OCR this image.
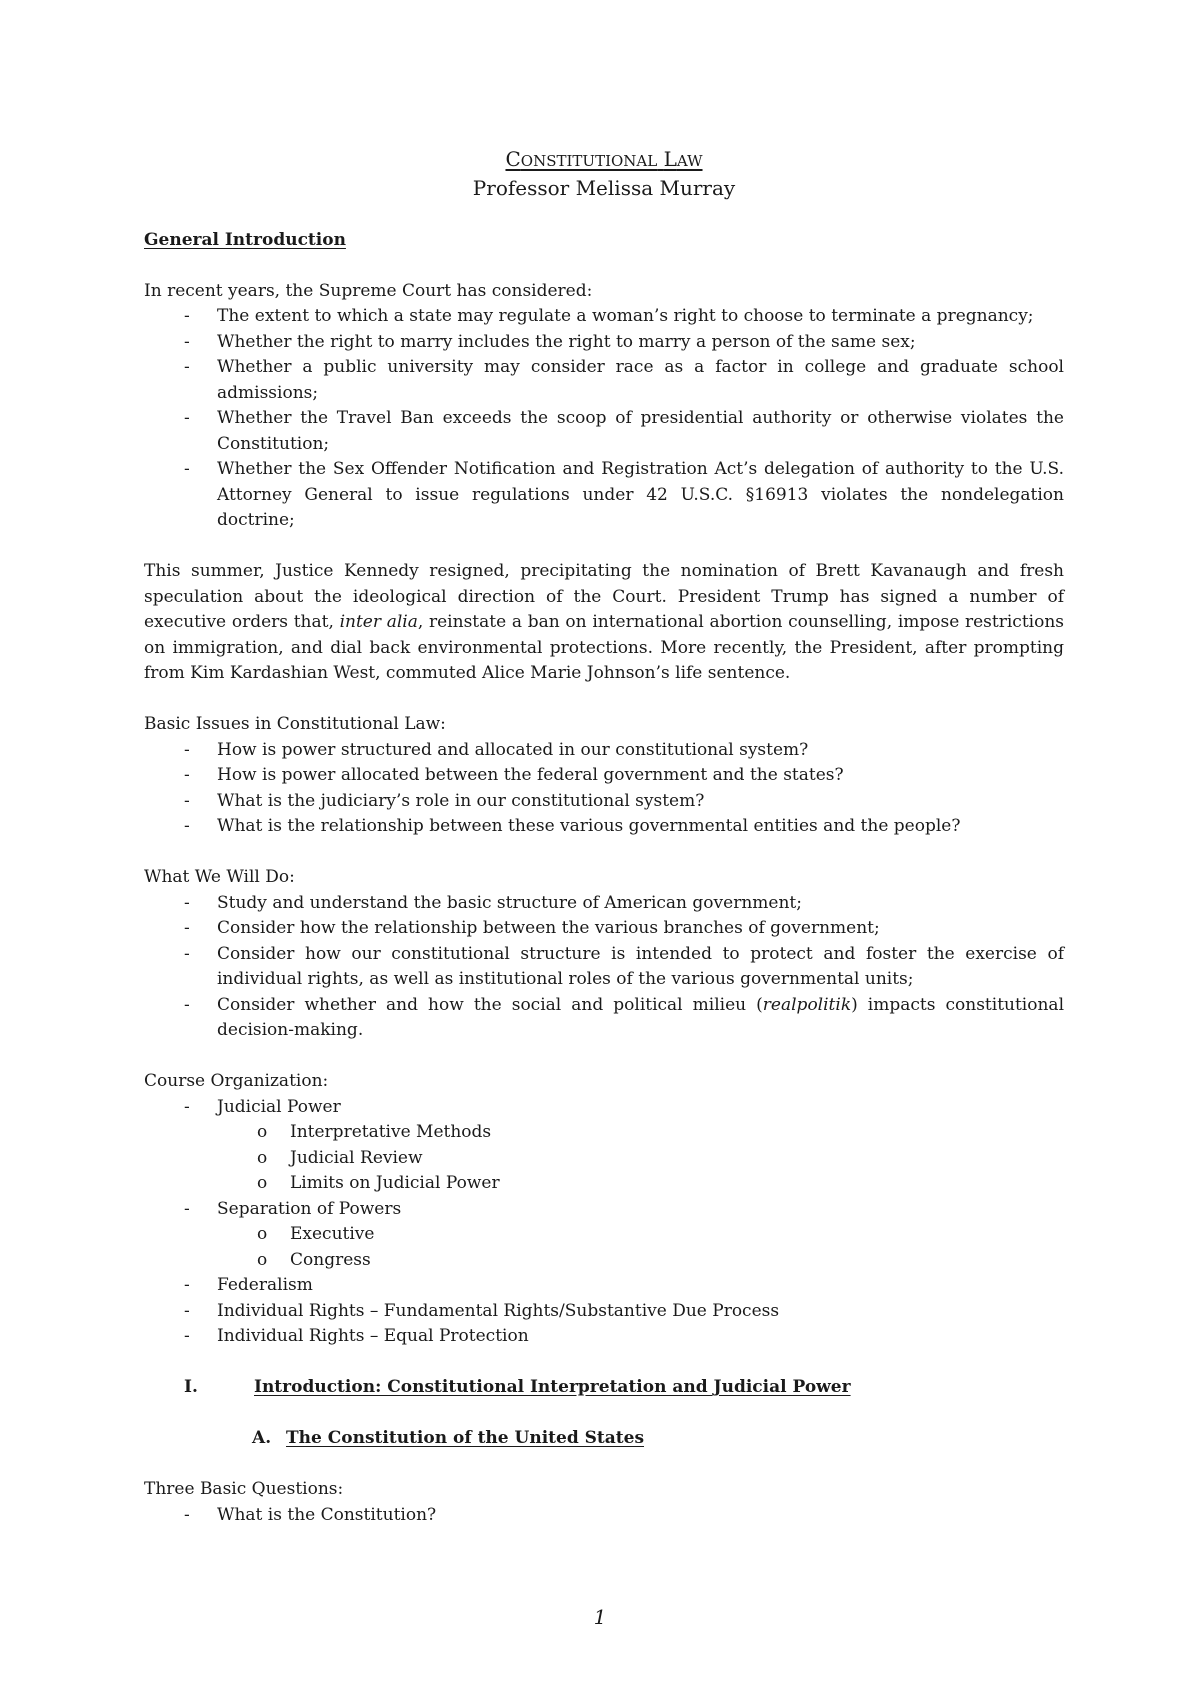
CONSTITUTIONAL LAW
Professor Melissa Murray

General Introduction

In recent years, the Supreme Court has considered:

- The extent to which a state may regulate a woman’s right to choose to terminate a pregnancy;
- Whether the right to marry includes the right to marry a person of the same sex;
- Whether a public university may consider race as a factor in college and graduate school admissions;
- Whether the Travel Ban exceeds the scoop of presidential authority or otherwise violates the Constitution;
- Whether the Sex Offender Notification and Registration Act’s delegation of authority to the U.S. Attorney General to issue regulations under 42 U.S.C. §16913 violates the nondelegation doctrine;

This summer, Justice Kennedy resigned, precipitating the nomination of Brett Kavanaugh and fresh speculation about the ideological direction of the Court. President Trump has signed a number of executive orders that, inter alia, reinstate a ban on international abortion counselling, impose restrictions on immigration, and dial back environmental protections. More recently, the President, after prompting from Kim Kardashian West, commuted Alice Marie Johnson’s life sentence.

Basic Issues in Constitutional Law:

- How is power structured and allocated in our constitutional system?
- How is power allocated between the federal government and the states?
- What is the judiciary’s role in our constitutional system?
- What is the relationship between these various governmental entities and the people?

What We Will Do:

- Study and understand the basic structure of American government;
- Consider how the relationship between the various branches of government;
- Consider how our constitutional structure is intended to protect and foster the exercise of individual rights, as well as institutional roles of the various governmental units;
- Consider whether and how the social and political milieu (realpolitik) impacts constitutional decision-making.

Course Organization:

- Judicial Power
o Interpretative Methods
o Judicial Review
o Limits on Judicial Power
- Separation of Powers
o Executive
o Congress
- Federalism
- Individual Rights – Fundamental Rights/Substantive Due Process
- Individual Rights – Equal Protection
I.	Introduction: Constitutional Interpretation and Judicial Power
A. The Constitution of the United States

Three Basic Questions:

- What is the Constitution?
1
